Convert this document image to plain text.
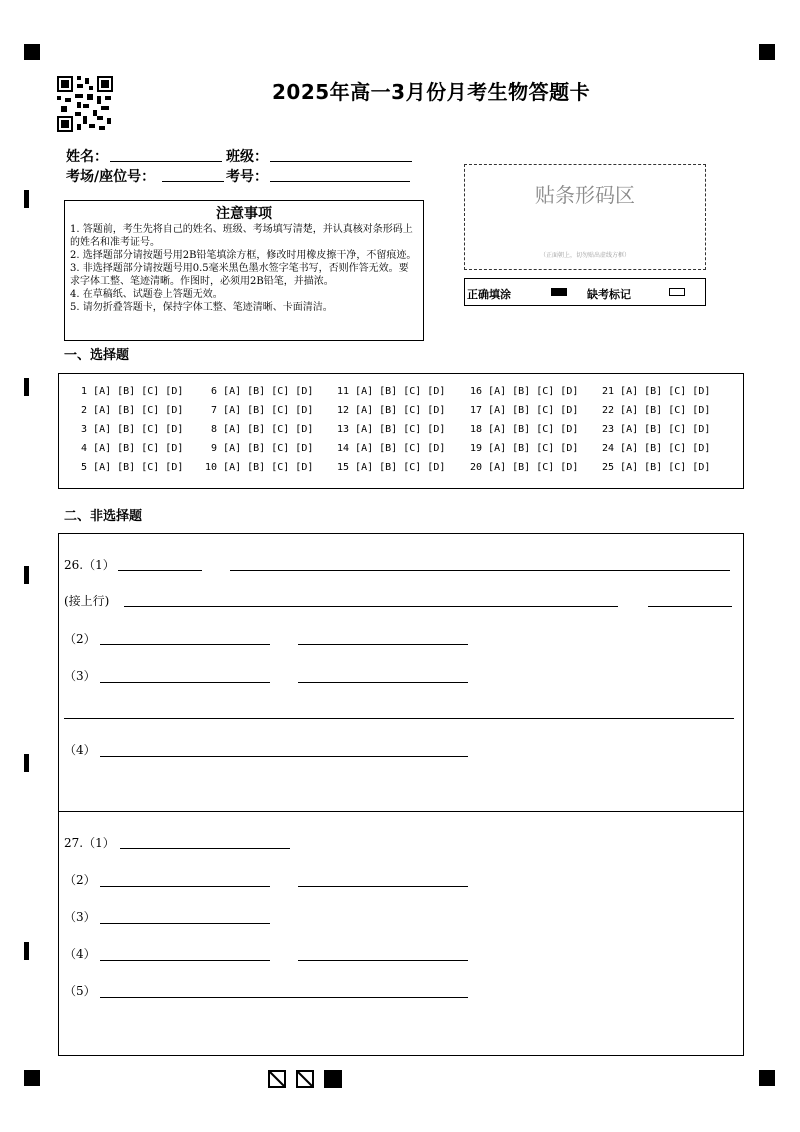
2025年高一3月份月考生物答题卡
姓名：	班级：
考场/座位号：	考号：
注意事项
1. 答题前，考生先将自己的姓名、班级、考场填写清楚，并认真核对条形码上的姓名和准考证号。
2. 选择题部分请按题号用2B铅笔填涂方框，修改时用橡皮擦干净，不留痕迹。
3. 非选择题部分请按题号用0.5毫米黑色墨水签字笔书写，否则作答无效。要求字体工整、笔迹清晰。作图时，必须用2B铅笔，并描浓。
4. 在草稿纸、试题卷上答题无效。
5. 请勿折叠答题卡，保持字体工整、笔迹清晰、卡面清洁。
贴条形码区
（正面朝上，切勿贴出虚线方框）
正确填涂	缺考标记
一、选择题
1 [A] [B] [C] [D] 6 [A] [B] [C] [D] 11 [A] [B] [C] [D] 16 [A] [B] [C] [D] 21 [A] [B] [C] [D]
2 [A] [B] [C] [D] 7 [A] [B] [C] [D] 12 [A] [B] [C] [D] 17 [A] [B] [C] [D] 22 [A] [B] [C] [D]
3 [A] [B] [C] [D] 8 [A] [B] [C] [D] 13 [A] [B] [C] [D] 18 [A] [B] [C] [D] 23 [A] [B] [C] [D]
4 [A] [B] [C] [D] 9 [A] [B] [C] [D] 14 [A] [B] [C] [D] 19 [A] [B] [C] [D] 24 [A] [B] [C] [D]
5 [A] [B] [C] [D] 10 [A] [B] [C] [D] 15 [A] [B] [C] [D] 20 [A] [B] [C] [D] 25 [A] [B] [C] [D]
二、非选择题
26.（1）
(接上行)
（2）
（3）
（4）
27.（1）
（2）
（3）
（4）
（5）
